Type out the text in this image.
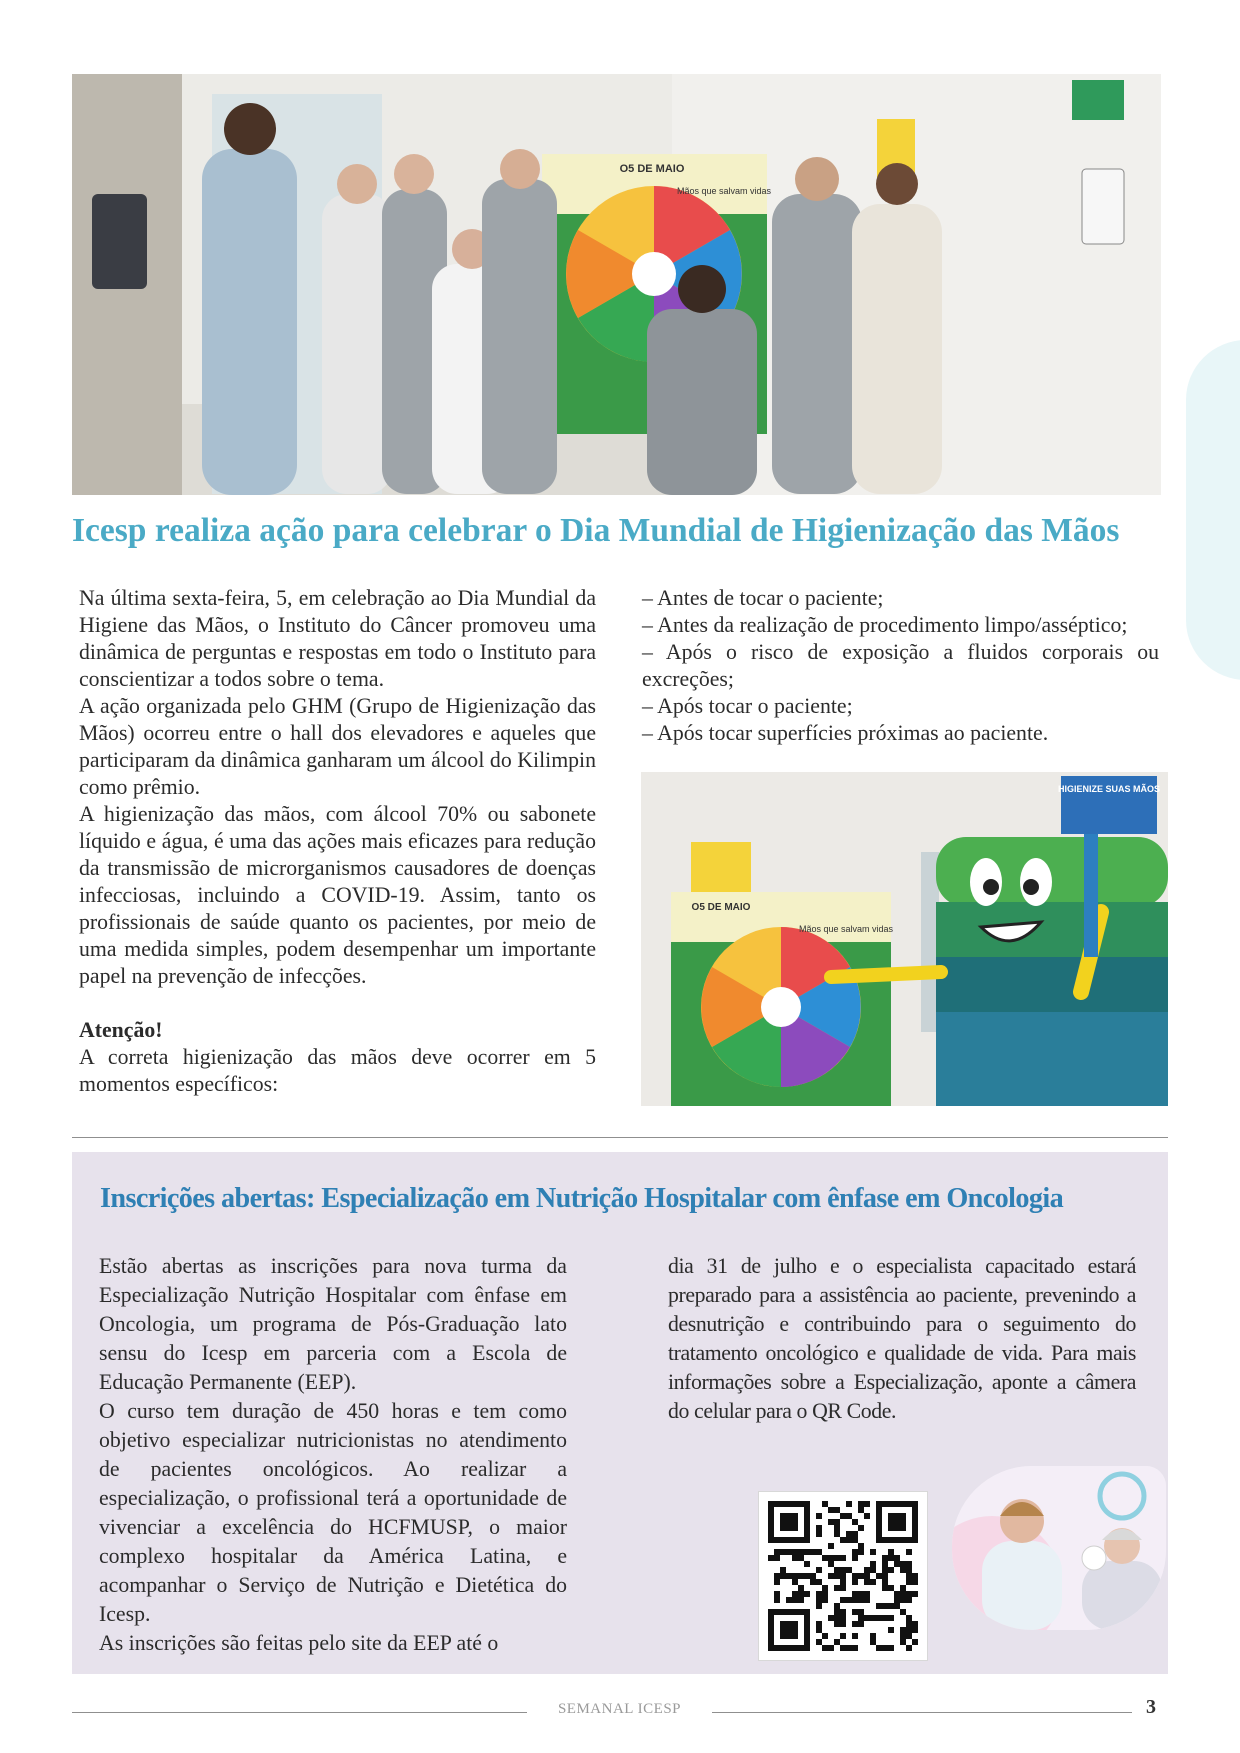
O5 DE MAIO
Mãos que salvam vidas
Icesp realiza ação para celebrar o Dia Mundial de Higienização das Mãos

Na última sexta-feira, 5, em celebração ao Dia Mundial da Higiene das Mãos, o Instituto do Câncer promoveu uma dinâmica de perguntas e respostas em todo o Instituto para conscientizar a todos sobre o tema.

A ação organizada pelo GHM (Grupo de Higienização das Mãos) ocorreu entre o hall dos elevadores e aqueles que participaram da dinâmica ganharam um álcool do Kilimpin como prêmio.

A higienização das mãos, com álcool 70% ou sabonete líquido e água, é uma das ações mais eficazes para redução da transmissão de microrganismos causadores de doenças infecciosas, incluindo a COVID-19. Assim, tanto os profissionais de saúde quanto os pacientes, por meio de uma medida simples, podem desempenhar um importante papel na prevenção de infecções.

Atenção!

A correta higienização das mãos deve ocorrer em 5 momentos específicos:

– Antes de tocar o paciente;

– Antes da realização de procedimento limpo/asséptico;

– Após o risco de exposição a fluidos corporais ou excreções;

– Após tocar o paciente;

– Após tocar superfícies próximas ao paciente.

O5 DE MAIO
Mãos que salvam vidas
HIGIENIZE SUAS MÃOS
Inscrições abertas: Especialização em Nutrição Hospitalar com ênfase em Oncologia

Estão abertas as inscrições para nova turma da Especialização Nutrição Hospitalar com ênfase em Oncologia, um programa de Pós-Graduação lato sensu do Icesp em parceria com a Escola de Educação Permanente (EEP).

O curso tem duração de 450 horas e tem como objetivo especializar nutricionistas no atendimento de pacientes oncológicos. Ao realizar a especialização, o profissional terá a oportunidade de vivenciar a excelência do HCFMUSP, o maior complexo hospitalar da América Latina, e acompanhar o Serviço de Nutrição e Dietética do Icesp.

As inscrições são feitas pelo site da EEP até o

dia 31 de julho e o especialista capacitado estará preparado para a assistência ao paciente, prevenindo a desnutrição e contribuindo para o seguimento do tratamento oncológico e qualidade de vida. Para mais informações sobre a Especialização, aponte a câmera do celular para o QR Code.

SEMANAL ICESP	3
